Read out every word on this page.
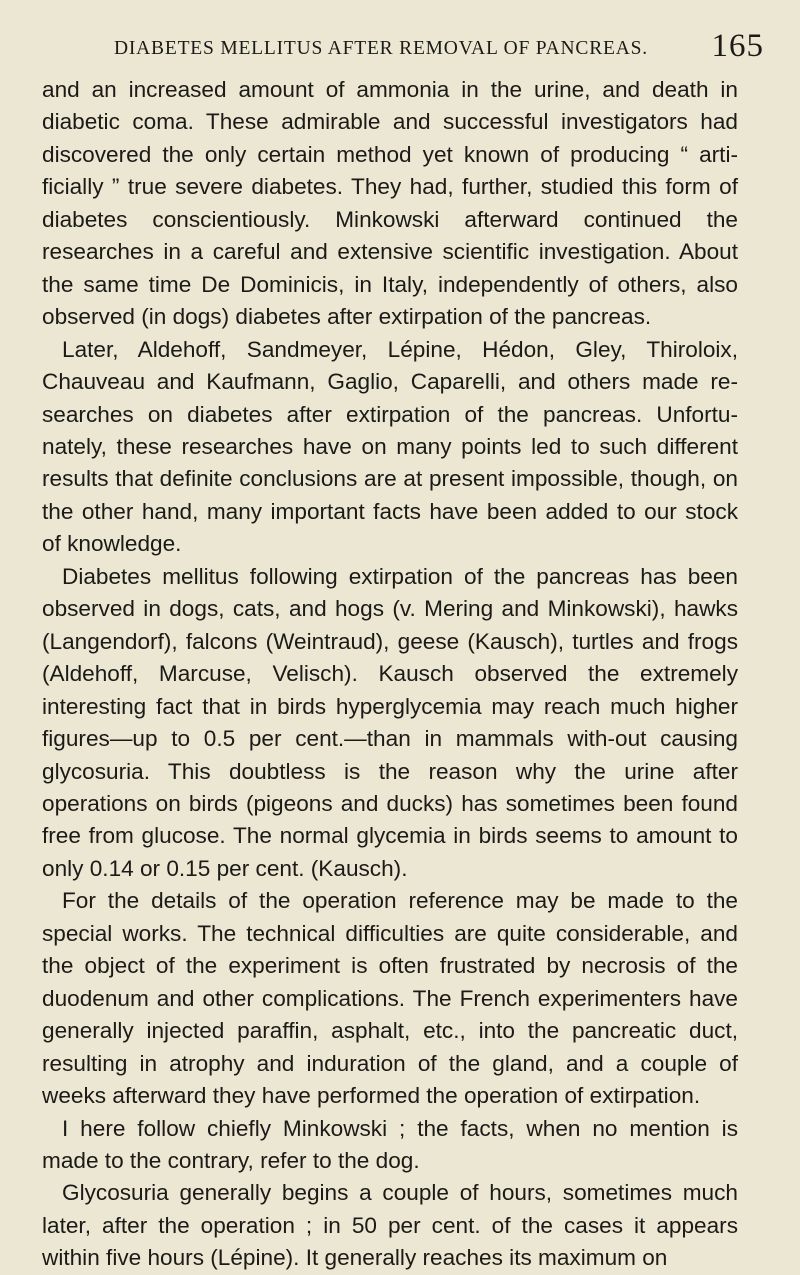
DIABETES MELLITUS AFTER REMOVAL OF PANCREAS. 165

and an increased amount of ammonia in the urine, and death in diabetic coma. These admirable and successful investigators had discovered the only certain method yet known of producing “ arti-ficially ” true severe diabetes. They had, further, studied this form of diabetes conscientiously. Minkowski afterward continued the researches in a careful and extensive scientific investigation. About the same time De Dominicis, in Italy, independently of others, also observed (in dogs) diabetes after extirpation of the pancreas.

Later, Aldehoff, Sandmeyer, Lépine, Hédon, Gley, Thiroloix, Chauveau and Kaufmann, Gaglio, Caparelli, and others made re-searches on diabetes after extirpation of the pancreas. Unfortu-nately, these researches have on many points led to such different results that definite conclusions are at present impossible, though, on the other hand, many important facts have been added to our stock of knowledge.

Diabetes mellitus following extirpation of the pancreas has been observed in dogs, cats, and hogs (v. Mering and Minkowski), hawks (Langendorf), falcons (Weintraud), geese (Kausch), turtles and frogs (Aldehoff, Marcuse, Velisch). Kausch observed the extremely interesting fact that in birds hyperglycemia may reach much higher figures—up to 0.5 per cent.—than in mammals with-out causing glycosuria. This doubtless is the reason why the urine after operations on birds (pigeons and ducks) has sometimes been found free from glucose. The normal glycemia in birds seems to amount to only 0.14 or 0.15 per cent. (Kausch).

For the details of the operation reference may be made to the special works. The technical difficulties are quite considerable, and the object of the experiment is often frustrated by necrosis of the duodenum and other complications. The French experimenters have generally injected paraffin, asphalt, etc., into the pancreatic duct, resulting in atrophy and induration of the gland, and a couple of weeks afterward they have performed the operation of extirpation.

I here follow chiefly Minkowski ; the facts, when no mention is made to the contrary, refer to the dog.

Glycosuria generally begins a couple of hours, sometimes much later, after the operation ; in 50 per cent. of the cases it appears within five hours (Lépine). It generally reaches its maximum on
